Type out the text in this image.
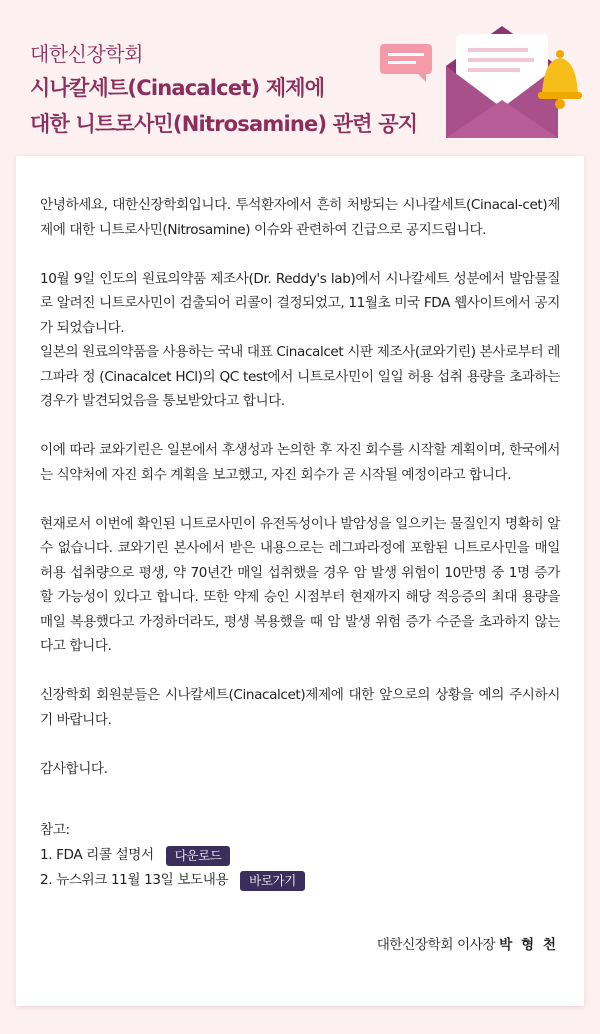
대한신장학회
시나칼세트(Cinacalcet) 제제에
대한 니트로사민(Nitrosamine) 관련 공지

안녕하세요, 대한신장학회입니다. 투석환자에서 흔히 처방되는 시나칼세트(Cinacal-cet)제제에 대한 니트로사민(Nitrosamine) 이슈와 관련하여 긴급으로 공지드립니다.

10월 9일 인도의 원료의약품 제조사(Dr. Reddy's lab)에서 시나칼세트 성분에서 발암물질로 알려진 니트로사민이 검출되어 리콜이 결정되었고, 11월초 미국 FDA 웹사이트에서 공지가 되었습니다.

일본의 원료의약품을 사용하는 국내 대표 Cinacalcet 시판 제조사(쿄와기린) 본사로부터 레그파라 정 (Cinacalcet HCl)의 QC test에서 니트로사민이 일일 허용 섭취 용량을 초과하는 경우가 발견되었음을 통보받았다고 합니다.

이에 따라 쿄와기린은 일본에서 후생성과 논의한 후 자진 회수를 시작할 계획이며, 한국에서는 식약처에 자진 회수 계획을 보고했고, 자진 회수가 곧 시작될 예정이라고 합니다.

현재로서 이번에 확인된 니트로사민이 유전독성이나 발암성을 일으키는 물질인지 명확히 알 수 없습니다. 쿄와기린 본사에서 받은 내용으로는 레그파라정에 포함된 니트로사민을 매일 허용 섭취량으로 평생, 약 70년간 매일 섭취했을 경우 암 발생 위험이 10만명 중 1명 증가할 가능성이 있다고 합니다. 또한 약제 승인 시점부터 현재까지 해당 적응증의 최대 용량을 매일 복용했다고 가정하더라도, 평생 복용했을 때 암 발생 위험 증가 수준을 초과하지 않는다고 합니다.

신장학회 회원분들은 시나칼세트(Cinacalcet)제제에 대한 앞으로의 상황을 예의 주시하시기 바랍니다.

감사합니다.

참고:
1. FDA 리콜 설명서	다운로드
2. 뉴스위크 11월 13일 보도내용	바로가기
대한신장학회 이사장 박 형 천
